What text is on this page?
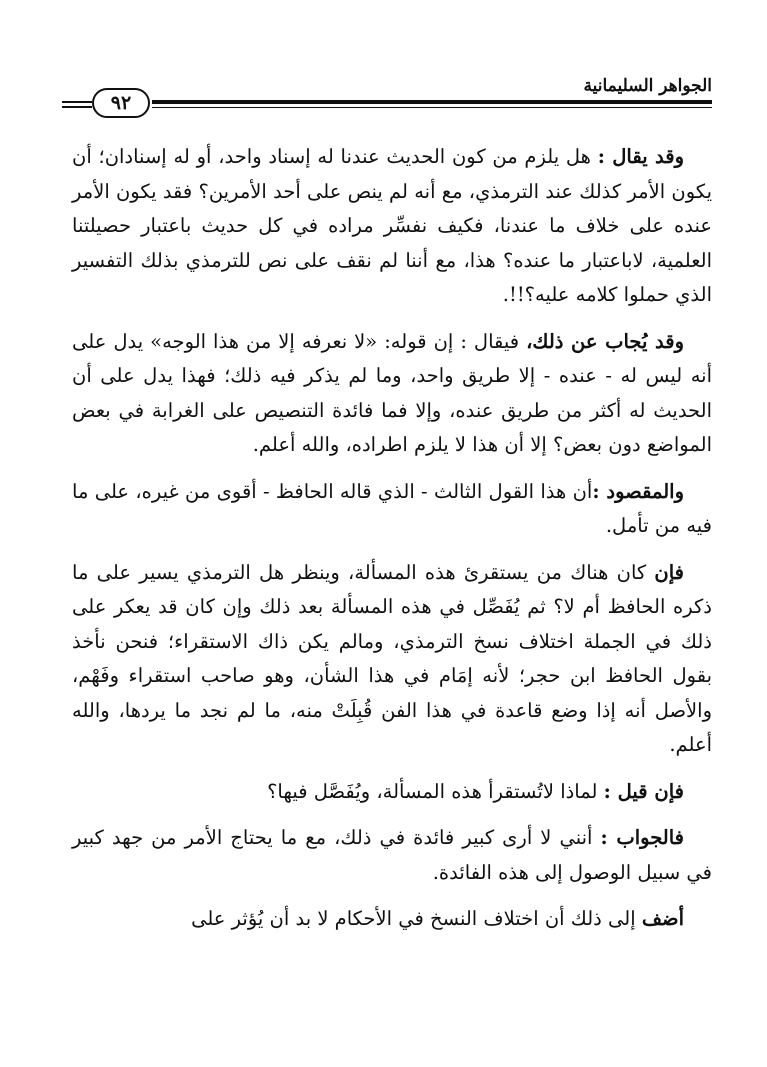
الجواهر السليمانية
٩٢

وقد يقال : هل يلزم من كون الحديث عندنا له إسناد واحد، أو له إسنادان؛ أن يكون الأمر كذلك عند الترمذي، مع أنه لم ينص على أحد الأمرين؟ فقد يكون الأمر عنده على خلاف ما عندنا، فكيف نفسِّر مراده في كل حديث باعتبار حصيلتنا العلمية، لاباعتبار ما عنده؟ هذا، مع أننا لم نقف على نص للترمذي بذلك التفسير الذي حملوا كلامه عليه؟!!.

وقد يُجاب عن ذلك، فيقال : إن قوله: «لا نعرفه إلا من هذا الوجه» يدل على أنه ليس له - عنده - إلا طريق واحد، وما لم يذكر فيه ذلك؛ فهذا يدل على أن الحديث له أكثر من طريق عنده، وإلا فما فائدة التنصيص على الغرابة في بعض المواضع دون بعض؟ إلا أن هذا لا يلزم اطراده، والله أعلم.

والمقصود :أن هذا القول الثالث - الذي قاله الحافظ - أقوى من غيره، على ما فيه من تأمل.

فإن كان هناك من يستقرئ هذه المسألة، وينظر هل الترمذي يسير على ما ذكره الحافظ أم لا؟ ثم يُفَصِّل في هذه المسألة بعد ذلك وإن كان قد يعكر على ذلك في الجملة اختلاف نسخ الترمذي، ومالم يكن ذاك الاستقراء؛ فنحن نأخذ بقول الحافظ ابن حجر؛ لأنه إمَام في هذا الشأن، وهو صاحب استقراء وفَهْم، والأصل أنه إذا وضع قاعدة في هذا الفن قُبِلَتْ منه، ما لم نجد ما يردها، والله أعلم.

فإن قيل : لماذا لاتُستقرأ هذه المسألة، ويُفَصَّل فيها؟

فالجواب : أنني لا أرى كبير فائدة في ذلك، مع ما يحتاج الأمر من جهد كبير في سبيل الوصول إلى هذه الفائدة.

أضف إلى ذلك أن اختلاف النسخ في الأحكام لا بد أن يُؤثر على
